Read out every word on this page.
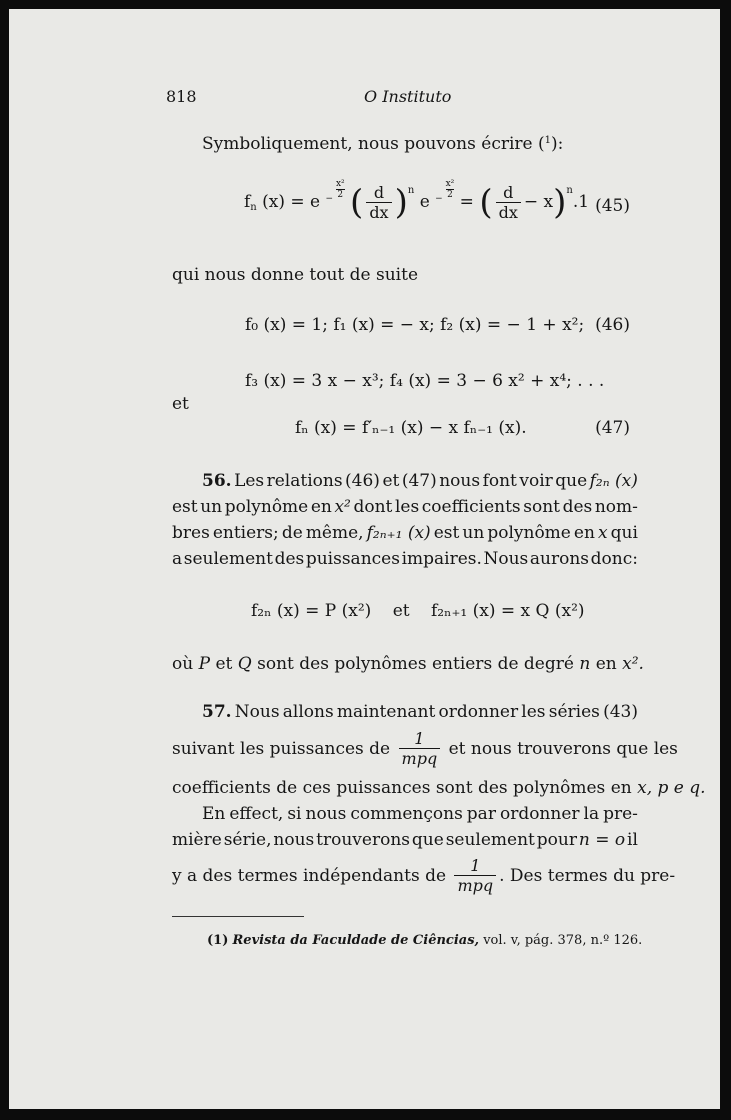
818	O Instituto
Symboliquement, nous pouvons écrire ($^1$):
$f_n$ $(x) = e - \frac{\text{x²}}{2}$ ( $\frac{d}{dx} )^n$ $e - \frac{\text{x²}}{2}$
= ( $\frac{d}{dx} - x)^n.1$ (45)
qui nous donne tout de suite
f₀ (x) = 1; f₁ (x) = − x; f₂ (x) = − 1 + x²; (46)
f₃ (x) = 3 x − x³; f₄ (x) = 3 − 6 x² + x⁴; . . .
et
fₙ (x) = f′ₙ₋₁ (x) − x fₙ₋₁ (x).	(47)
56. Les relations (46) et (47) nous font voir que f₂ₙ (x)
est un polynôme en x² dont les coefficients sont des nom-
bres entiers; de même, f₂ₙ₊₁ (x) est un polynôme en x qui
a seulement des puissances impaires. Nous aurons donc:
f₂ₙ (x) = P (x²) et f₂ₙ₊₁ (x) = x Q (x²)
où P et Q sont des polynômes entiers de degré n en x².
57. Nous allons maintenant ordonner les séries (43)
suivant les puissances de $\frac{1}{\text{mpq}}$ et nous trouverons que les
coefficients de ces puissances sont des polynômes en x, p e q.
En effect, si nous commençons par ordonner la pre-
mière série, nous trouverons que seulement pour n = o il
y a des termes indépendants de $\frac{1}{\text{mpq}}$ . Des termes du pre-
(1) Revista da Faculdade de Ciências, vol. v, pág. 378, n.º 126.
